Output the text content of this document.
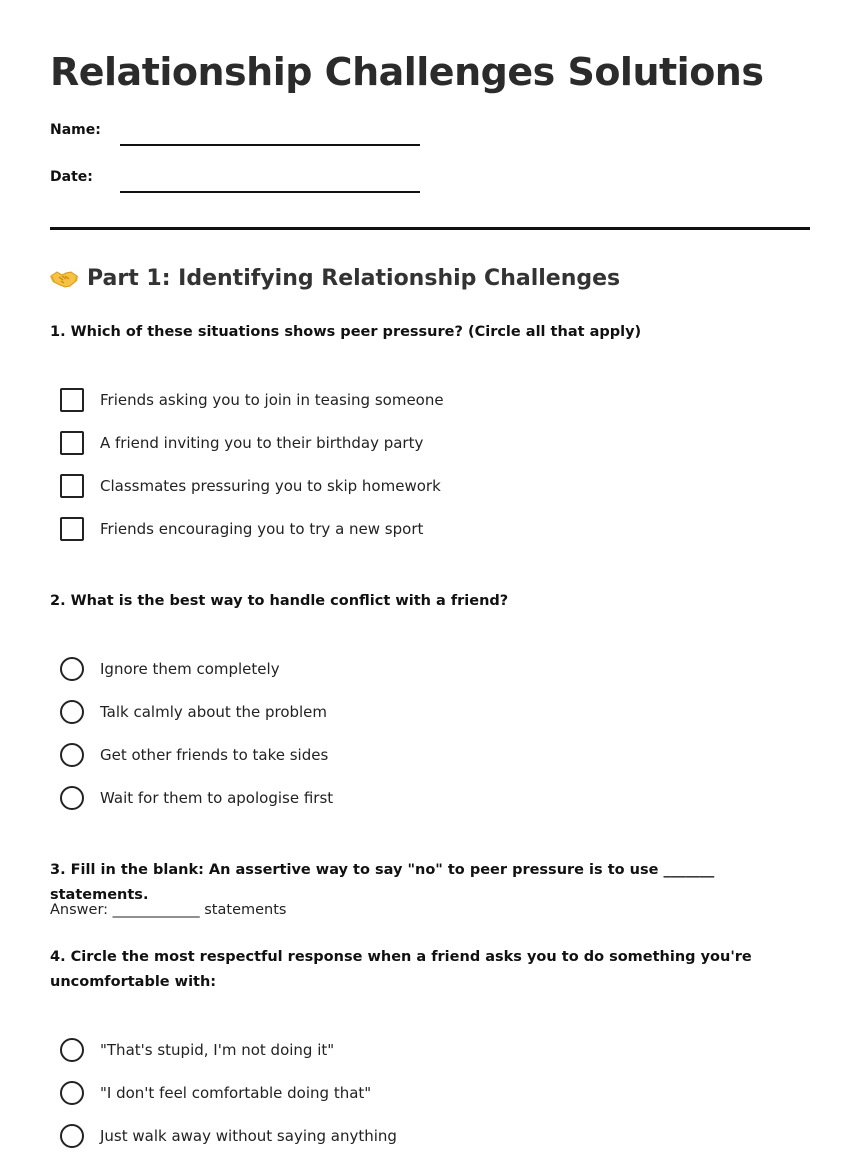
Relationship Challenges Solutions
Name:
Date:
Part 1: Identifying Relationship Challenges

1. Which of these situations shows peer pressure? (Circle all that apply)

Friends asking you to join in teasing someone
A friend inviting you to their birthday party
Classmates pressuring you to skip homework
Friends encouraging you to try a new sport

2. What is the best way to handle conflict with a friend?

Ignore them completely
Talk calmly about the problem
Get other friends to take sides
Wait for them to apologise first

3. Fill in the blank: An assertive way to say "no" to peer pressure is to use _______ statements.

Answer: ____________ statements

4. Circle the most respectful response when a friend asks you to do something you're uncomfortable with:

"That's stupid, I'm not doing it"
"I don't feel comfortable doing that"
Just walk away without saying anything
